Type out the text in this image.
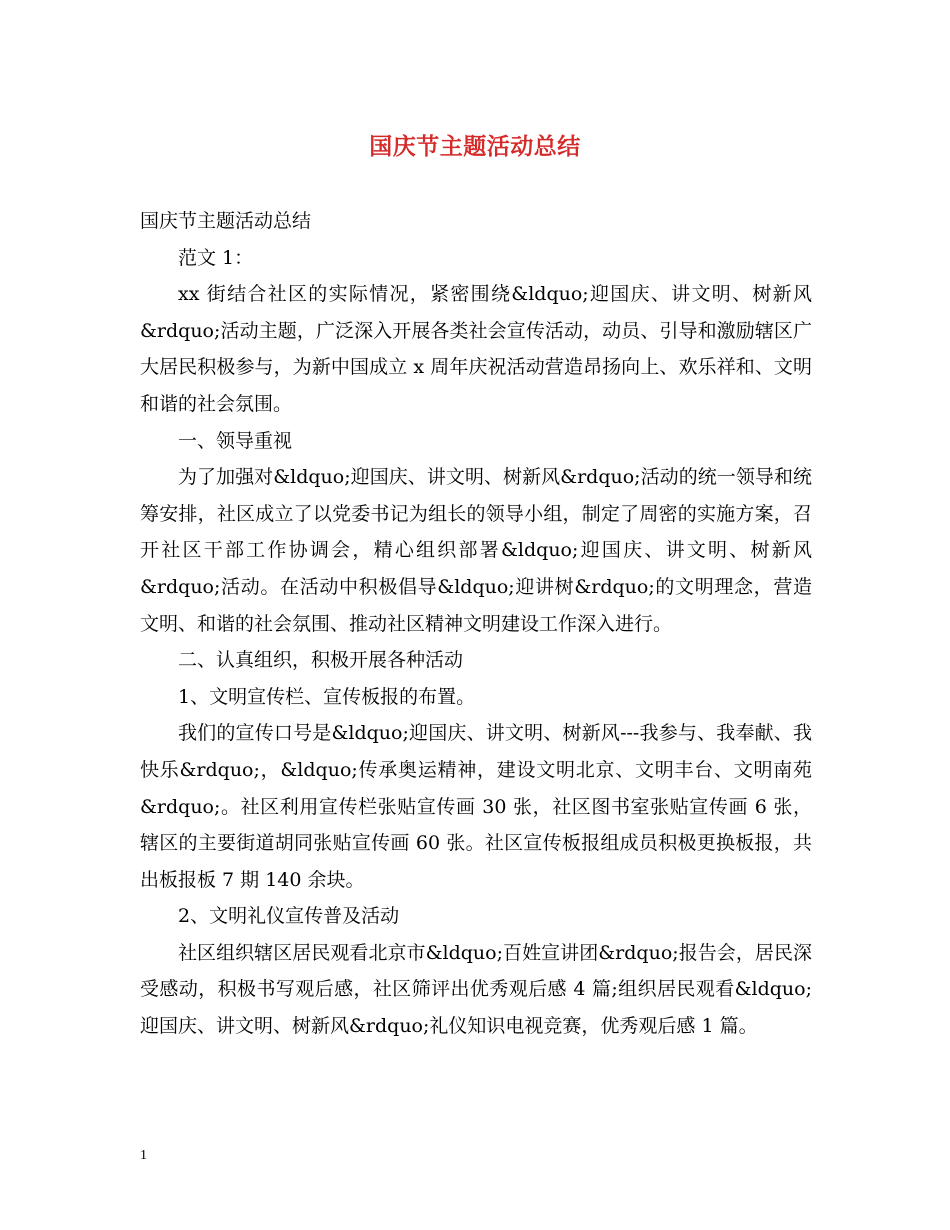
国庆节主题活动总结

国庆节主题活动总结

范文 1：

xx 街结合社区的实际情况，紧密围绕&ldquo;迎国庆、讲文明、树新风&rdquo;活动主题，广泛深入开展各类社会宣传活动，动员、引导和激励辖区广大居民积极参与，为新中国成立 x 周年庆祝活动营造昂扬向上、欢乐祥和、文明和谐的社会氛围。

一、领导重视

为了加强对&ldquo;迎国庆、讲文明、树新风&rdquo;活动的统一领导和统筹安排，社区成立了以党委书记为组长的领导小组，制定了周密的实施方案，召开社区干部工作协调会，精心组织部署&ldquo;迎国庆、讲文明、树新风&rdquo;活动。在活动中积极倡导&ldquo;迎讲树&rdquo;的文明理念，营造文明、和谐的社会氛围、推动社区精神文明建设工作深入进行。

二、认真组织，积极开展各种活动

1、文明宣传栏、宣传板报的布置。

我们的宣传口号是&ldquo;迎国庆、讲文明、树新风---我参与、我奉献、我快乐&rdquo;，&ldquo;传承奥运精神，建设文明北京、文明丰台、文明南苑&rdquo;。社区利用宣传栏张贴宣传画 30 张，社区图书室张贴宣传画 6 张，辖区的主要街道胡同张贴宣传画 60 张。社区宣传板报组成员积极更换板报，共出板报板 7 期 140 余块。

2、文明礼仪宣传普及活动

社区组织辖区居民观看北京市&ldquo;百姓宣讲团&rdquo;报告会，居民深受感动，积极书写观后感，社区筛评出优秀观后感 4 篇;组织居民观看&ldquo;迎国庆、讲文明、树新风&rdquo;礼仪知识电视竞赛，优秀观后感 1 篇。

1
